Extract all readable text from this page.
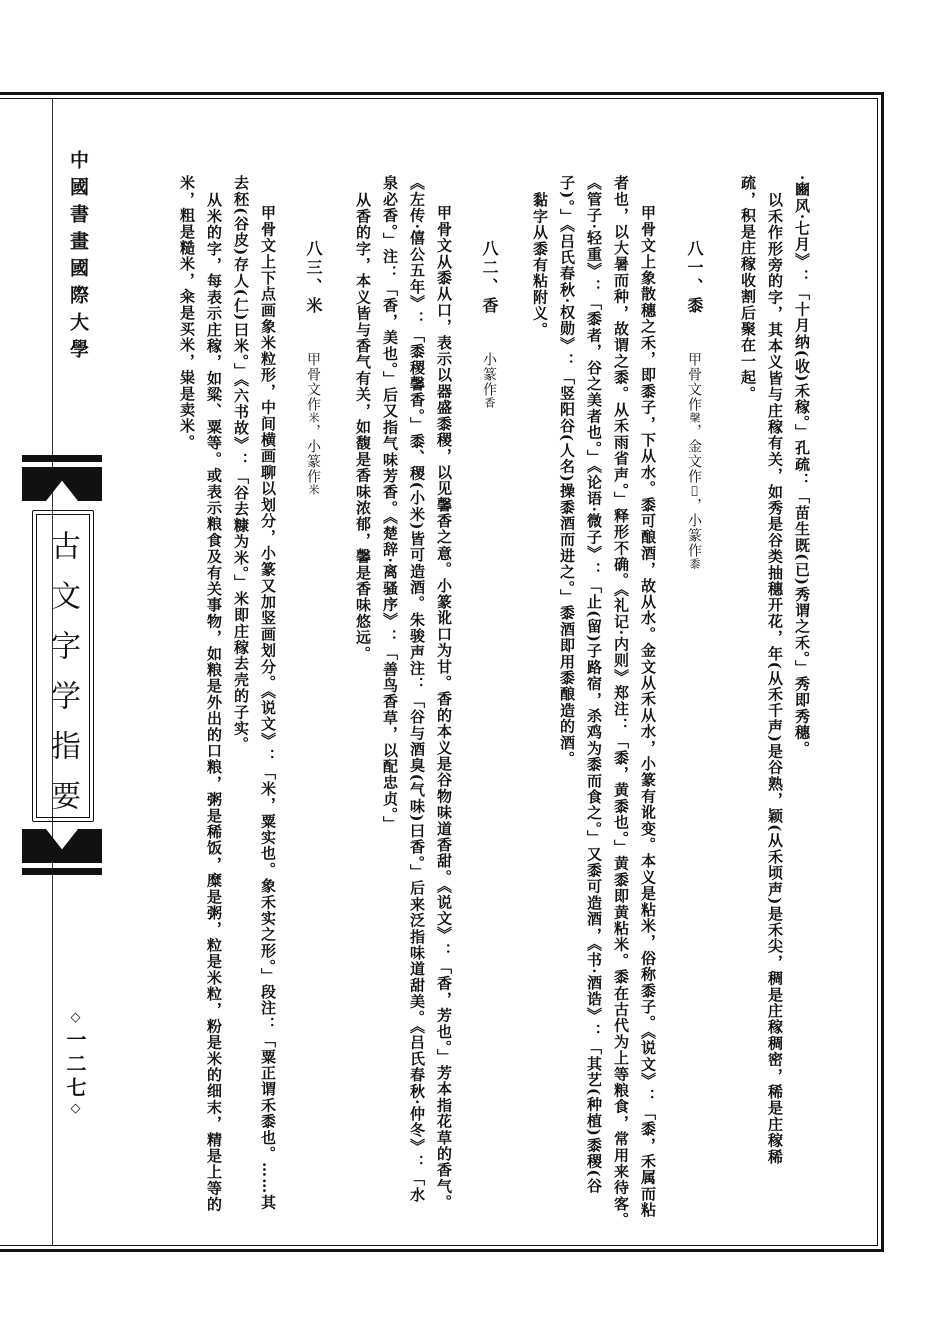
中國書畫國際大學
古文字学指要
◇一二七◇
·豳风·七月》：「十月纳(收)禾稼。」孔疏：「苗生既(已)秀谓之禾。」秀即秀穗。
以禾作形旁的字，其本义皆与庄稼有关，如秀是谷类抽穗开花，年(从禾千声)是谷熟，颖(从禾顷声)是禾尖，稠是庄稼稠密，稀是庄稼稀
疏，积是庄稼收割后聚在一起。
八一、黍甲骨文作䅽，金文作𥝶，小篆作黍
甲骨文上象散穗之禾，即黍子，下从水。黍可酿酒，故从水。金文从禾从水，小篆有讹变。本义是粘米，俗称黍子。《说文》：「黍，禾属而粘
者也，以大暑而种，故谓之黍。从禾雨省声。」释形不确。《礼记·内则》郑注：「黍，黄黍也。」黄黍即黄粘米。黍在古代为上等粮食，常用来待客。
《管子·轻重》：「黍者，谷之美者也。」《论语·微子》：「止(留)子路宿，杀鸡为黍而食之。」又黍可造酒，《书·酒诰》：「其艺(种植)黍稷(谷
子)。」《吕氏春秋·权勋》：「竖阳谷(人名)操黍酒而进之。」黍酒即用黍酿造的酒。
黏字从黍有粘附义。
八二、香小篆作香
甲骨文从黍从口，表示以器盛黍稷，以见馨香之意。小篆讹口为甘。香的本义是谷物味道香甜。《说文》：「香，芳也。」芳本指花草的香气。
《左传·僖公五年》：「黍稷馨香。」黍、稷(小米)皆可造酒。朱骏声注：「谷与酒臭(气味)曰香。」后来泛指味道甜美。《吕氏春秋·仲冬》：「水
泉必香。」注：「香，美也。」后又指气味芳香。《楚辞·离骚序》：「善鸟香草，以配忠贞。」
从香的字，本义皆与香气有关，如馥是香味浓郁，馨是香味悠远。
八三、米甲骨文作米，小篆作米
甲骨文上下点画象米粒形，中间横画聊以划分，小篆又加竖画划分。《说文》：「米，粟实也。象禾实之形。」段注：「粟正谓禾黍也。……其
去秠(谷皮)存人(仁)曰米。」《六书故》：「谷去糠为米。」米即庄稼去壳的子实。
从米的字，每表示庄稼，如粱、粟等。或表示粮食及有关事物，如粮是外出的口粮，粥是稀饭，糜是粥，粒是米粒，粉是米的细末，精是上等的
米，粗是糙米，籴是买米，粜是卖米。
